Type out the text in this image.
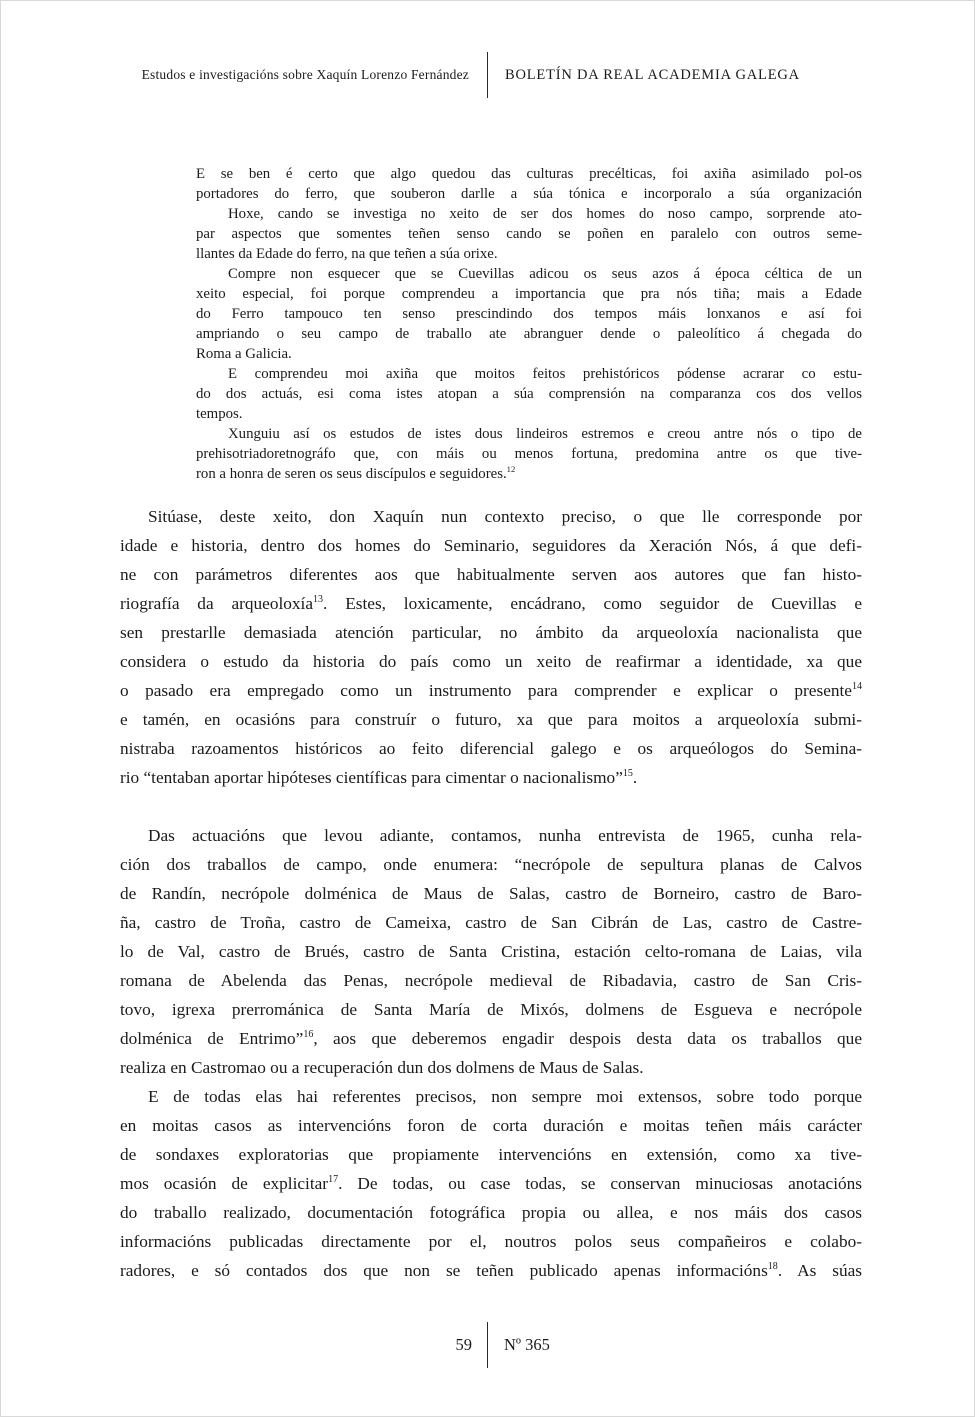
Estudos e investigacións sobre Xaquín Lorenzo Fernández	BOLETÍN DA REAL ACADEMIA GALEGA
E se ben é certo que algo quedou das culturas precélticas, foi axiña asimilado pol-os
portadores do ferro, que souberon darlle a súa tónica e incorporalo a súa organización
Hoxe, cando se investiga no xeito de ser dos homes do noso campo, sorprende ato-
par aspectos que somentes teñen senso cando se poñen en paralelo con outros seme-
llantes da Edade do ferro, na que teñen a súa orixe.
Compre non esquecer que se Cuevillas adicou os seus azos á época céltica de un
xeito especial, foi porque comprendeu a importancia que pra nós tiña; mais a Edade
do Ferro tampouco ten senso prescindindo dos tempos máis lonxanos e así foi
ampriando o seu campo de traballo ate abranguer dende o paleolítico á chegada do
Roma a Galicia.
E comprendeu moi axiña que moitos feitos prehistóricos pódense acrarar co estu-
do dos actuás, esi coma istes atopan a súa comprensión na comparanza cos dos vellos
tempos.
Xunguiu así os estudos de istes dous lindeiros estremos e creou antre nós o tipo de
prehisotriadoretnográfo que, con máis ou menos fortuna, predomina antre os que tive-
ron a honra de seren os seus discípulos e seguidores.$^{12}$
Sitúase, deste xeito, don Xaquín nun contexto preciso, o que lle corresponde por
idade e historia, dentro dos homes do Seminario, seguidores da Xeración Nós, á que defi-
ne con parámetros diferentes aos que habitualmente serven aos autores que fan histo-
riografía da arqueoloxía$^{13}$. Estes, loxicamente, encádrano, como seguidor de Cuevillas e
sen prestarlle demasiada atención particular, no ámbito da arqueoloxía nacionalista que
considera o estudo da historia do país como un xeito de reafirmar a identidade, xa que
o pasado era empregado como un instrumento para comprender e explicar o presente$^{14}$
e tamén, en ocasións para construír o futuro, xa que para moitos a arqueoloxía submi-
nistraba razoamentos históricos ao feito diferencial galego e os arqueólogos do Semina-
rio “tentaban aportar hipóteses científicas para cimentar o nacionalismo”$^{15}$.
Das actuacións que levou adiante, contamos, nunha entrevista de 1965, cunha rela-
ción dos traballos de campo, onde enumera: “necrópole de sepultura planas de Calvos
de Randín, necrópole dolménica de Maus de Salas, castro de Borneiro, castro de Baro-
ña, castro de Troña, castro de Cameixa, castro de San Cibrán de Las, castro de Castre-
lo de Val, castro de Brués, castro de Santa Cristina, estación celto-romana de Laias, vila
romana de Abelenda das Penas, necrópole medieval de Ribadavia, castro de San Cris-
tovo, igrexa prerrománica de Santa María de Mixós, dolmens de Esgueva e necrópole
dolménica de Entrimo”$^{16}$, aos que deberemos engadir despois desta data os traballos que
realiza en Castromao ou a recuperación dun dos dolmens de Maus de Salas.
E de todas elas hai referentes precisos, non sempre moi extensos, sobre todo porque
en moitas casos as intervencións foron de corta duración e moitas teñen máis carácter
de sondaxes exploratorias que propiamente intervencións en extensión, como xa tive-
mos ocasión de explicitar$^{17}$. De todas, ou case todas, se conservan minuciosas anotacións
do traballo realizado, documentación fotográfica propia ou allea, e nos máis dos casos
informacións publicadas directamente por el, noutros polos seus compañeiros e colabo-
radores, e só contados dos que non se teñen publicado apenas informacións$^{18}$. As súas
59	Nº 365
